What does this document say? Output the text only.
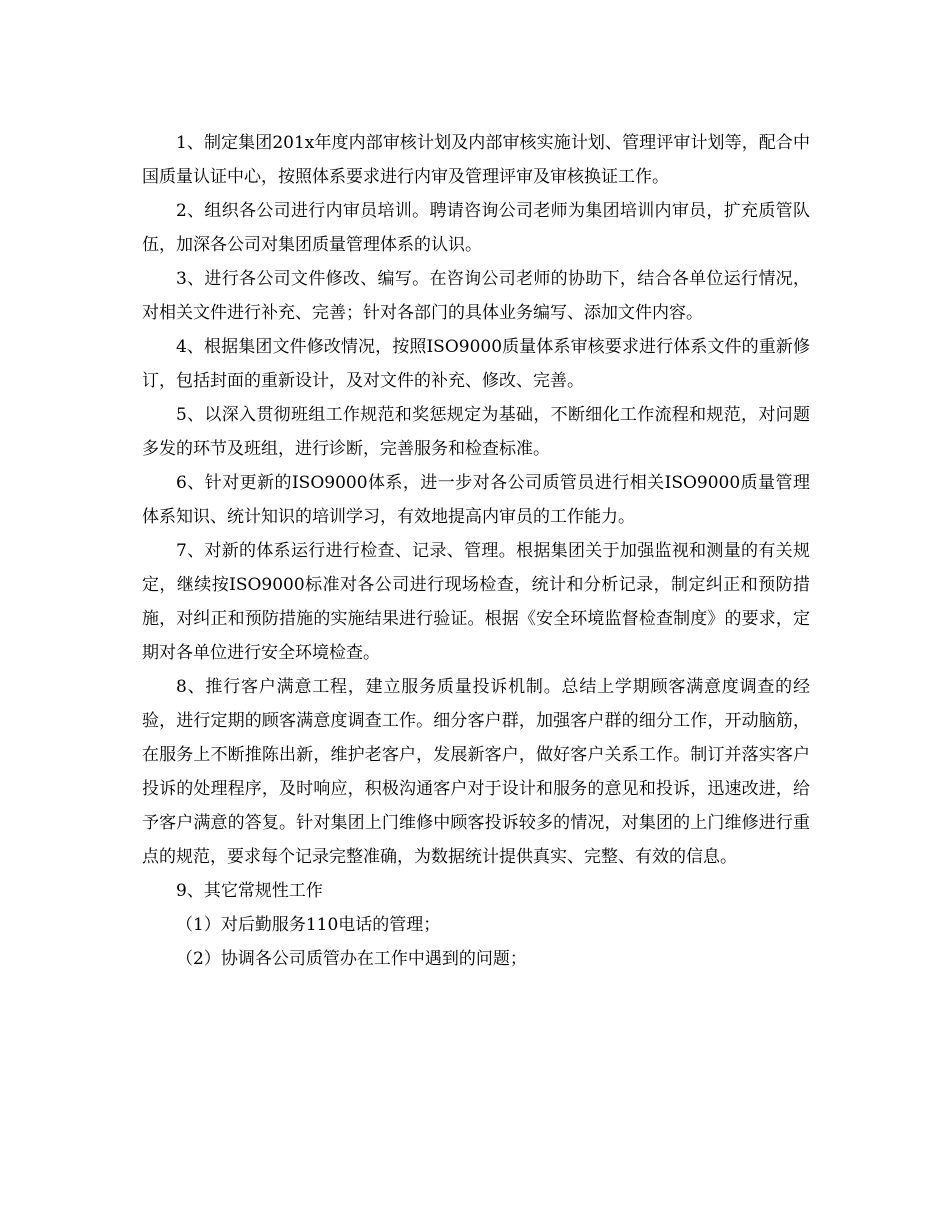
1、制定集团201x年度内部审核计划及内部审核实施计划、管理评审计划等，配合中国质量认证中心，按照体系要求进行内审及管理评审及审核换证工作。

2、组织各公司进行内审员培训。聘请咨询公司老师为集团培训内审员，扩充质管队伍，加深各公司对集团质量管理体系的认识。

3、进行各公司文件修改、编写。在咨询公司老师的协助下，结合各单位运行情况，对相关文件进行补充、完善；针对各部门的具体业务编写、添加文件内容。

4、根据集团文件修改情况，按照ISO9000质量体系审核要求进行体系文件的重新修订，包括封面的重新设计，及对文件的补充、修改、完善。

5、以深入贯彻班组工作规范和奖惩规定为基础，不断细化工作流程和规范，对问题多发的环节及班组，进行诊断，完善服务和检查标准。

6、针对更新的ISO9000体系，进一步对各公司质管员进行相关ISO9000质量管理体系知识、统计知识的培训学习，有效地提高内审员的工作能力。

7、对新的体系运行进行检查、记录、管理。根据集团关于加强监视和测量的有关规定，继续按ISO9000标准对各公司进行现场检查，统计和分析记录，制定纠正和预防措施，对纠正和预防措施的实施结果进行验证。根据《安全环境监督检查制度》的要求，定期对各单位进行安全环境检查。

8、推行客户满意工程，建立服务质量投诉机制。总结上学期顾客满意度调查的经验，进行定期的顾客满意度调查工作。细分客户群，加强客户群的细分工作，开动脑筋，在服务上不断推陈出新，维护老客户，发展新客户，做好客户关系工作。制订并落实客户投诉的处理程序，及时响应，积极沟通客户对于设计和服务的意见和投诉，迅速改进，给予客户满意的答复。针对集团上门维修中顾客投诉较多的情况，对集团的上门维修进行重点的规范，要求每个记录完整准确，为数据统计提供真实、完整、有效的信息。

9、其它常规性工作

（1）对后勤服务110电话的管理；

（2）协调各公司质管办在工作中遇到的问题；
